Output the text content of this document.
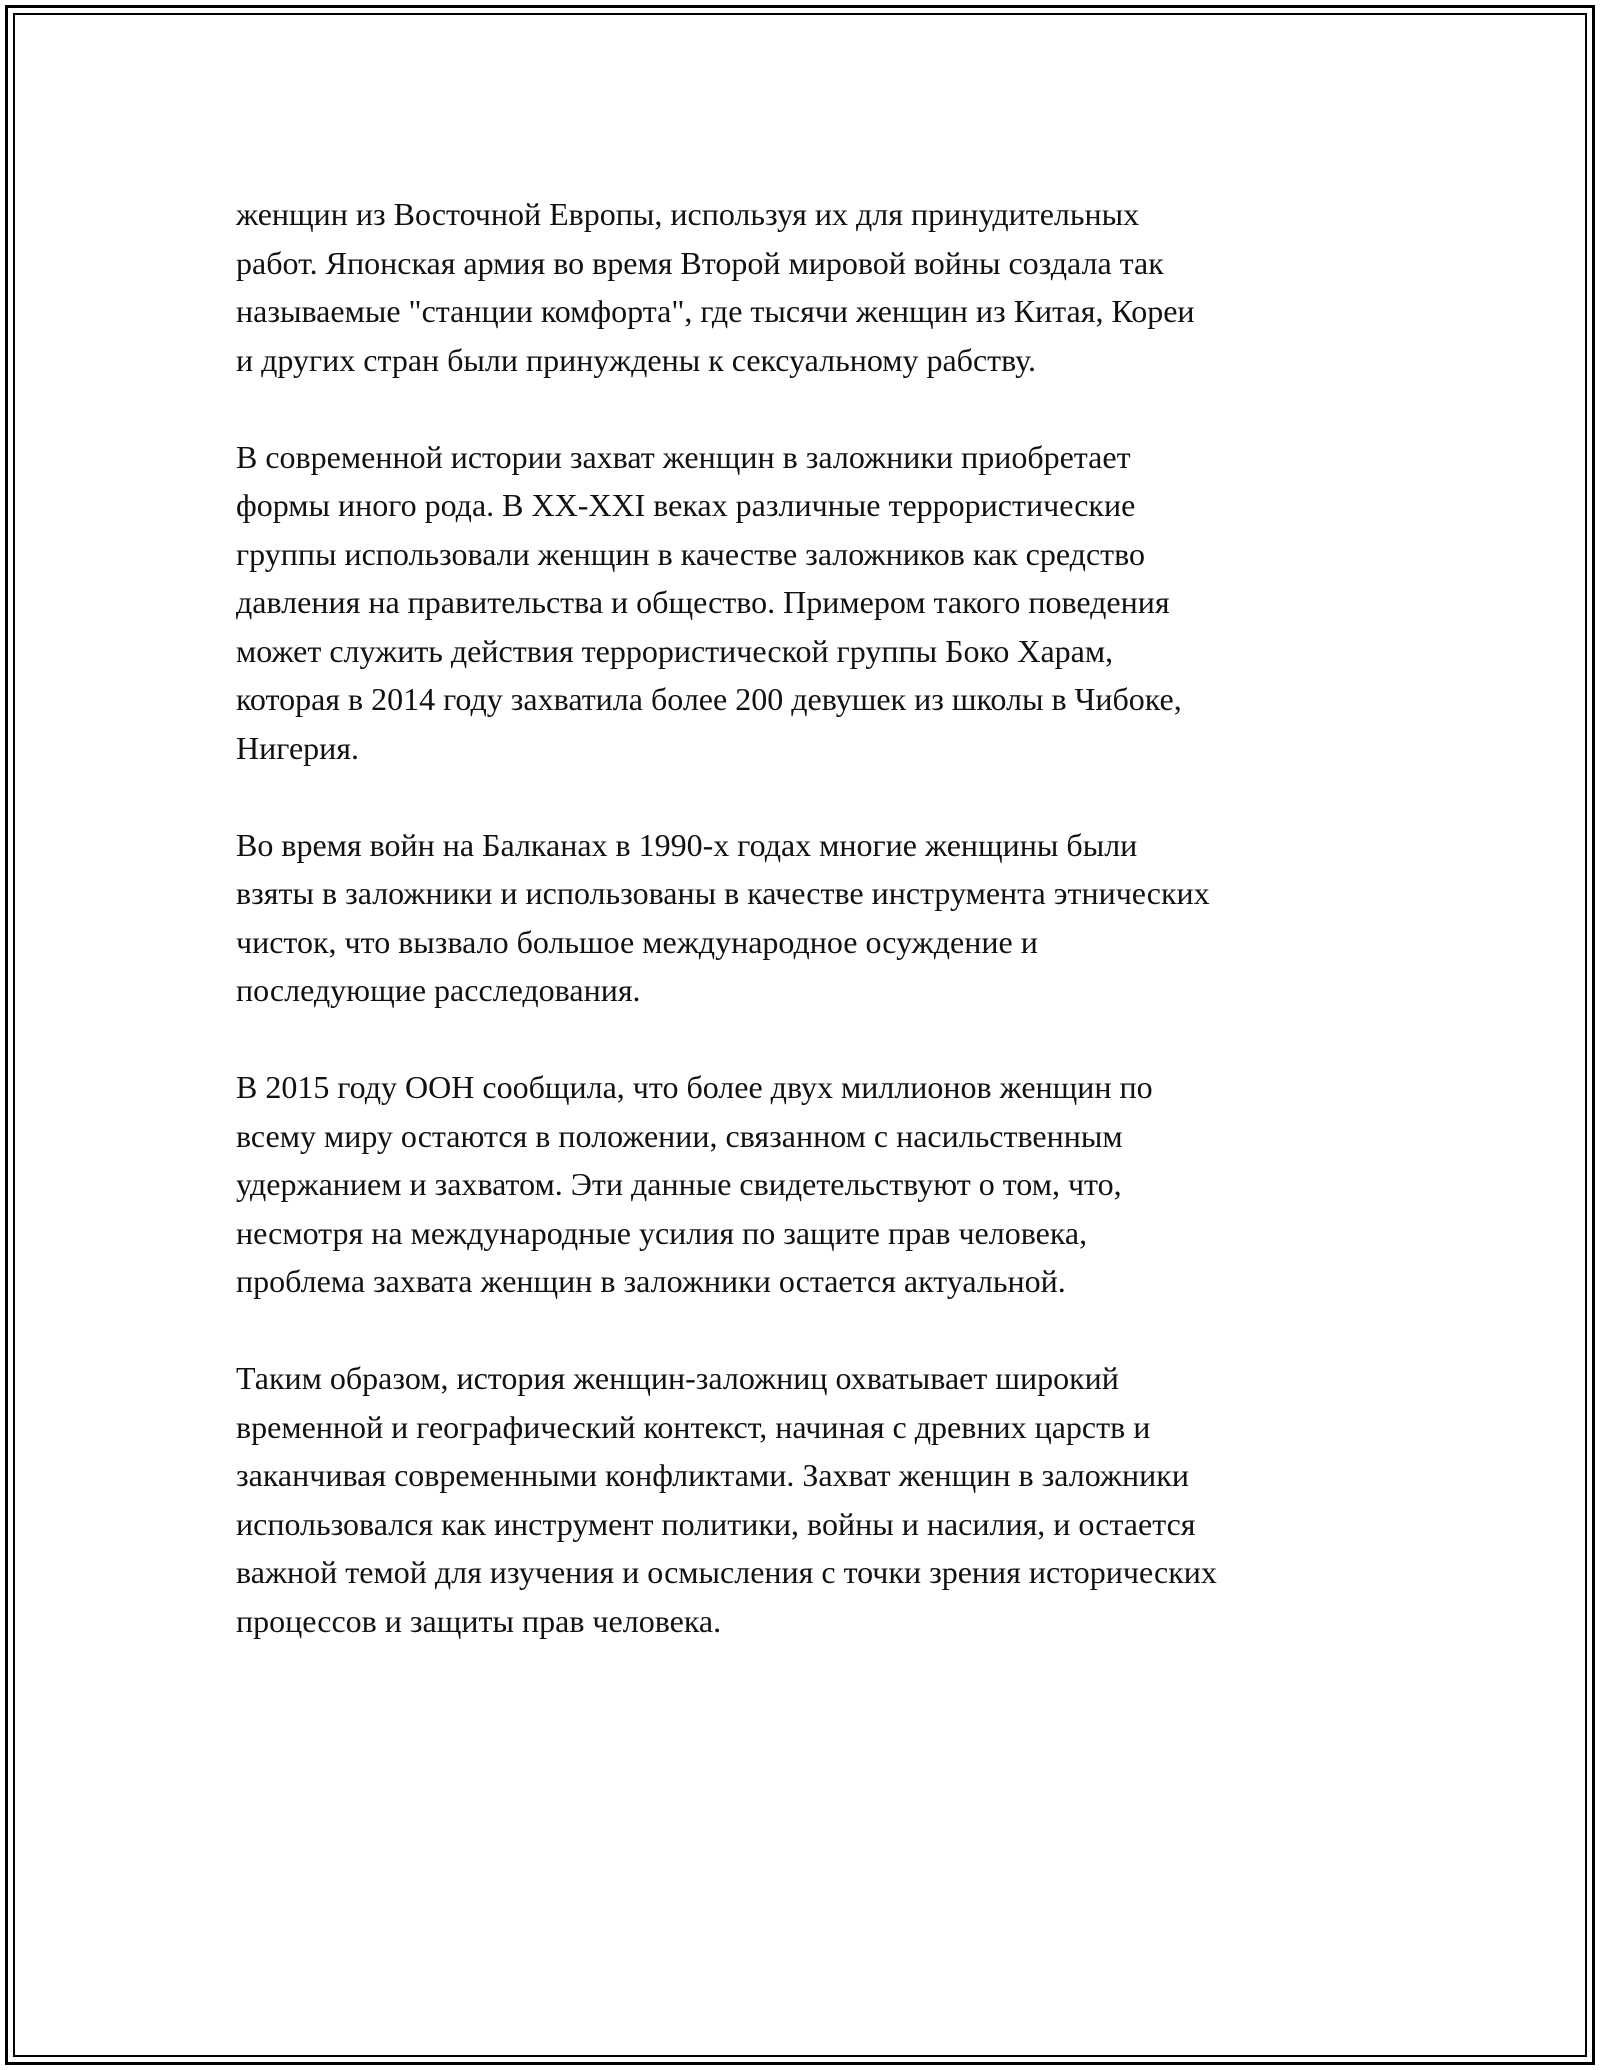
женщин из Восточной Европы, используя их для принудительных
работ. Японская армия во время Второй мировой войны создала так
называемые "станции комфорта", где тысячи женщин из Китая, Кореи
и других стран были принуждены к сексуальному рабству.

В современной истории захват женщин в заложники приобретает
формы иного рода. В XX-XXI веках различные террористические
группы использовали женщин в качестве заложников как средство
давления на правительства и общество. Примером такого поведения
может служить действия террористической группы Боко Харам,
которая в 2014 году захватила более 200 девушек из школы в Чибоке,
Нигерия.

Во время войн на Балканах в 1990-х годах многие женщины были
взяты в заложники и использованы в качестве инструмента этнических
чисток, что вызвало большое международное осуждение и
последующие расследования.

В 2015 году ООН сообщила, что более двух миллионов женщин по
всему миру остаются в положении, связанном с насильственным
удержанием и захватом. Эти данные свидетельствуют о том, что,
несмотря на международные усилия по защите прав человека,
проблема захвата женщин в заложники остается актуальной.

Таким образом, история женщин-заложниц охватывает широкий
временной и географический контекст, начиная с древних царств и
заканчивая современными конфликтами. Захват женщин в заложники
использовался как инструмент политики, войны и насилия, и остается
важной темой для изучения и осмысления с точки зрения исторических
процессов и защиты прав человека.
